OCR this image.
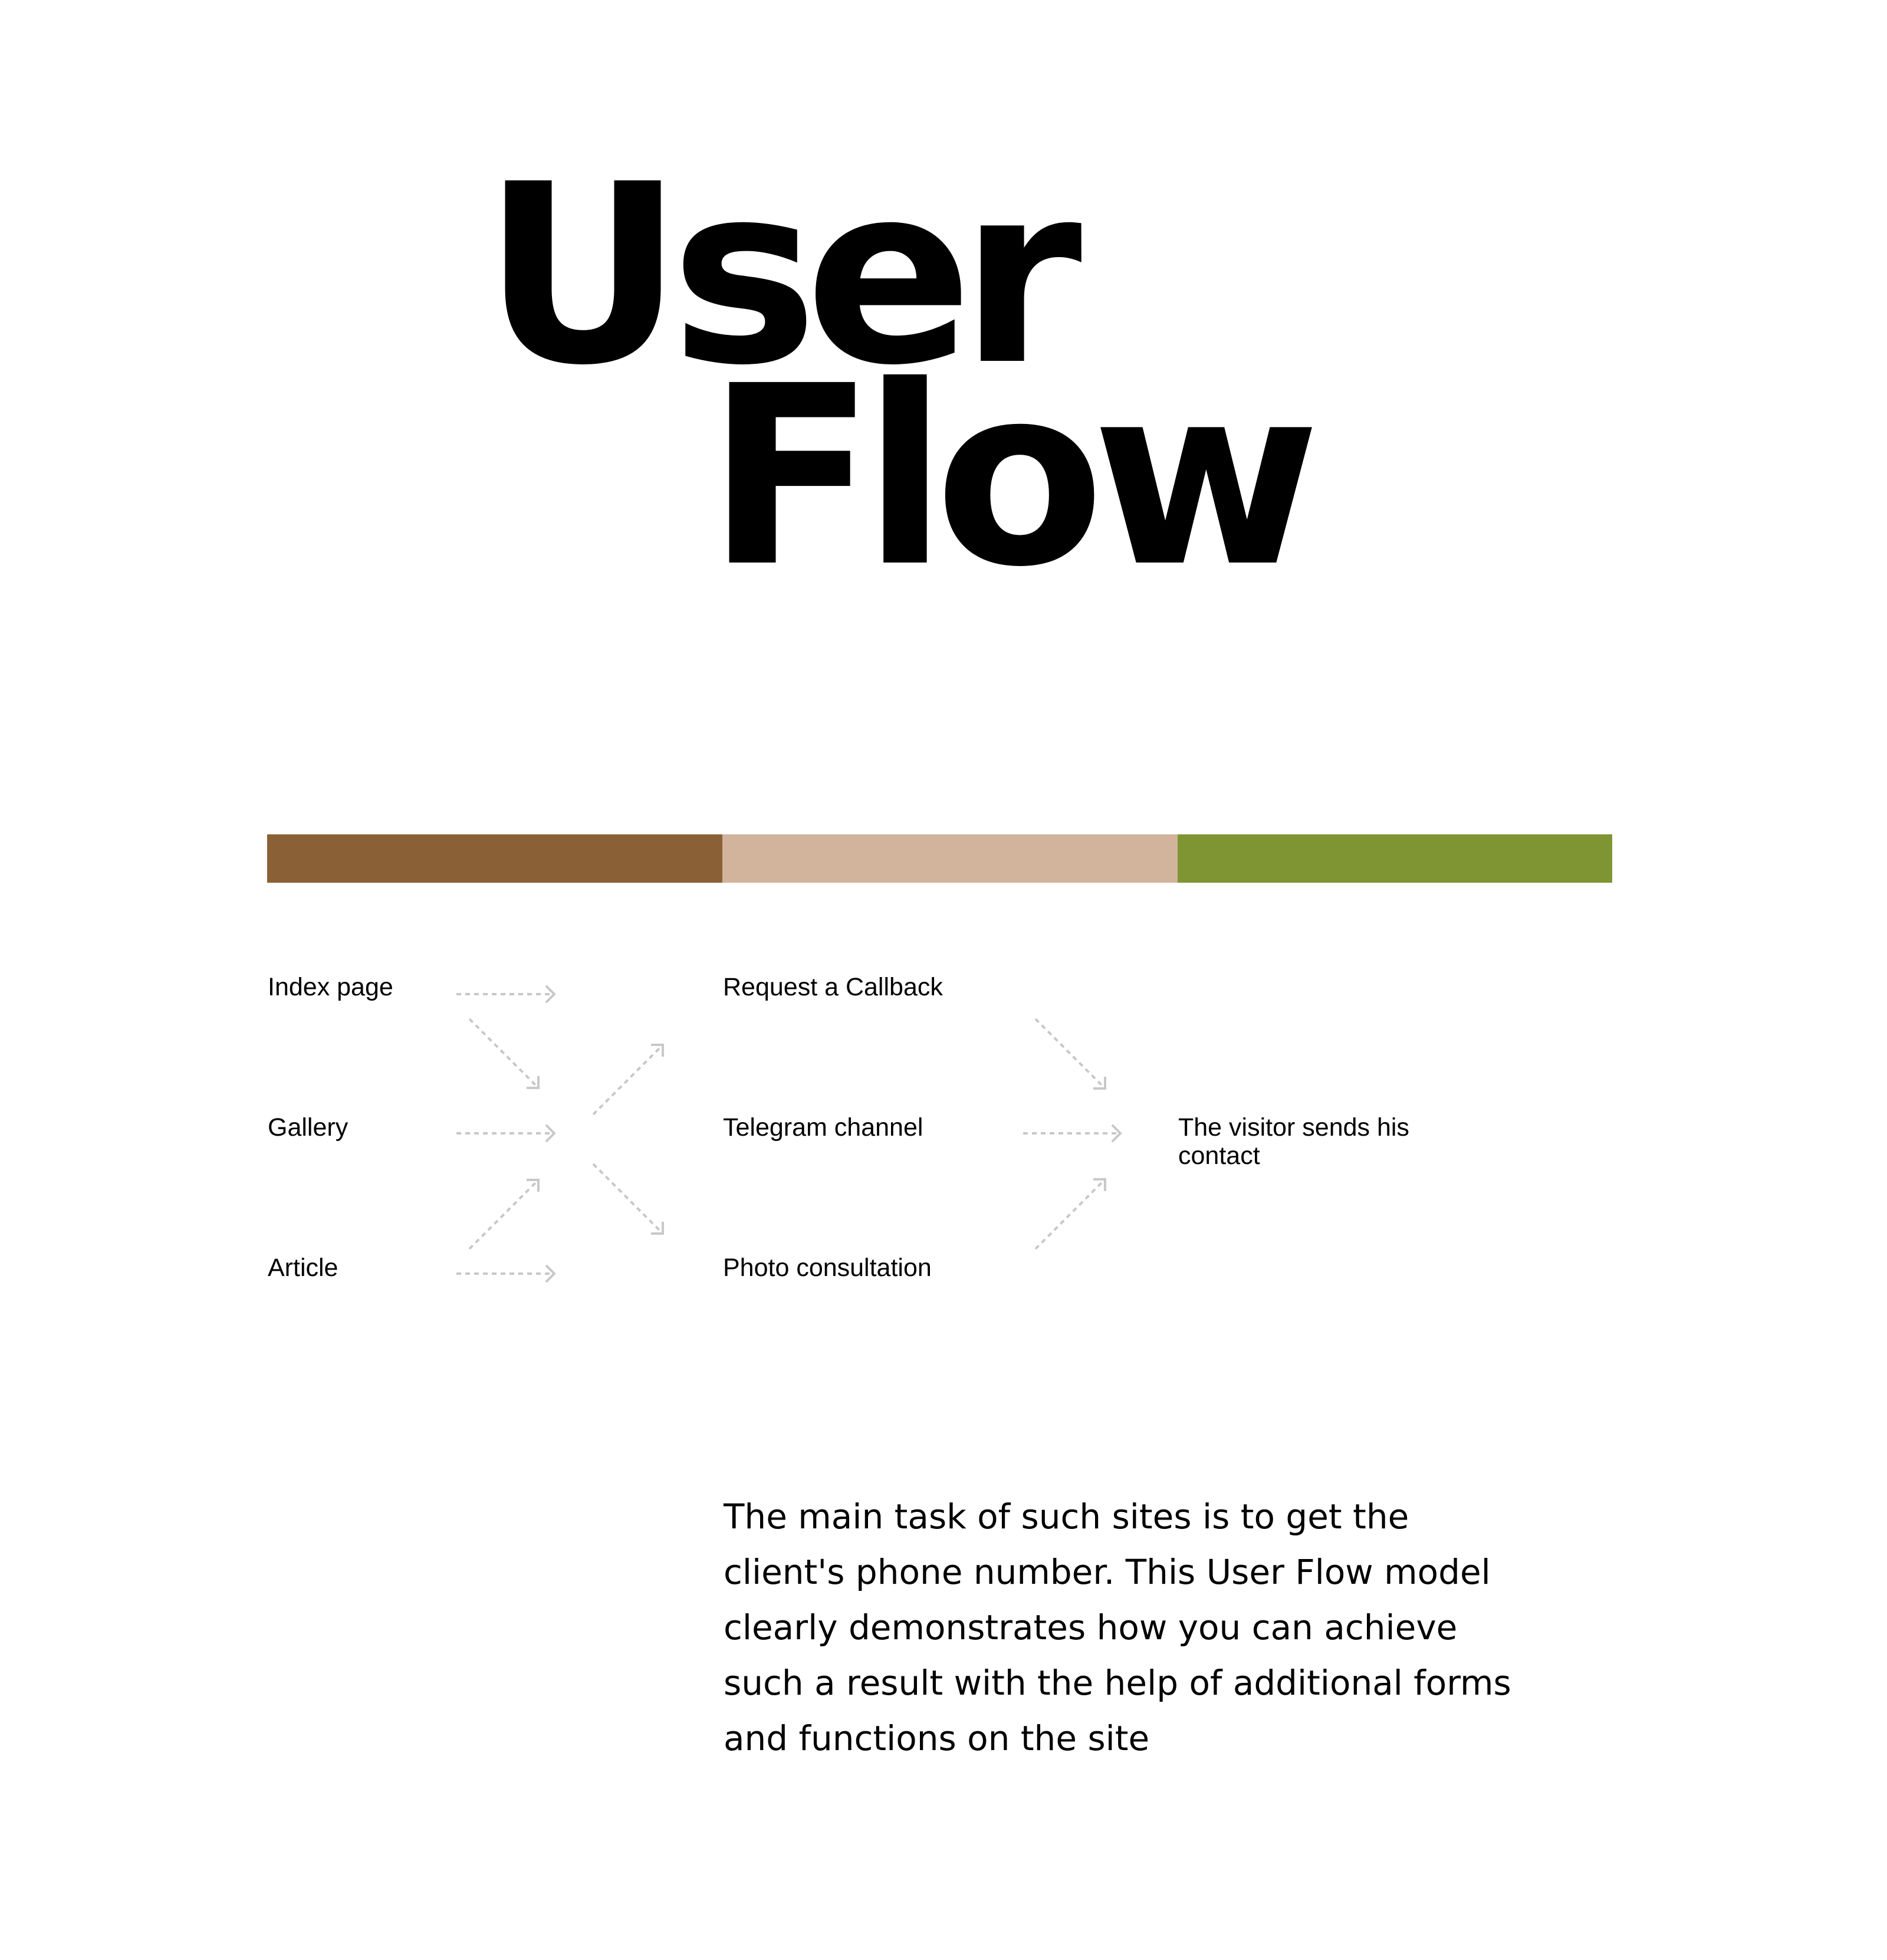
User
Flow

Index page

Gallery

Article

Request a Callback

Telegram channel

Photo consultation

The visitor sends his contact

The main task of such sites is to get the client's phone number. This User Flow model clearly demonstrates how you can achieve such a result with the help of additional forms and functions on the site
